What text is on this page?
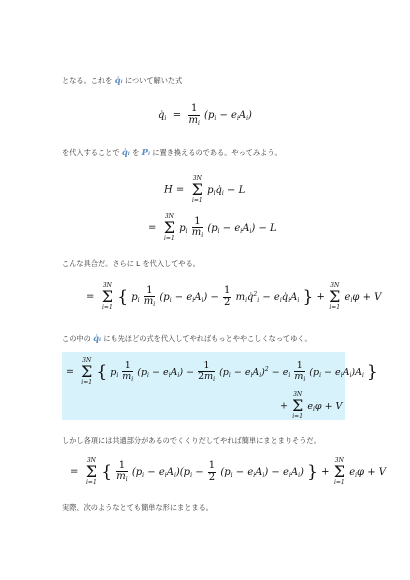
となる。これを q̇ᵢ について解いた式
$q̇_i = \frac{1}{m_i} (p_i - e_iA_i)$
を代入することで q̇ᵢ を Pᵢ に置き換えるのである。やってみよう。
H =
3N
Σ
i=1
$p_iq̇_i - L$
=
3N
Σ
i=1
$p_i \frac{1}{m_i} (p_i - e_iA_i) - L$
こんな具合だ。さらに L を代入してやる。
=
3N
Σ
i=1
{ $p_i \frac{1}{m_i} (p_i - e_iA_i) - \frac{1}{2}$ $m_iq̇^2_i$ − $e_iq̇_iA_i$ } +
3N
Σ
i=1
$e_i\varphi + V$
この中の q̇ᵢ にも先ほどの式を代入してやればもっとややこしくなってゆく。
=
3N
Σ
i=1
{ $p_i \frac{1}{m_i} (p_i - e_iA_i) - \frac{1}{2m_i} (p_i - e_iA_i)^2 - e_i \frac{1}{m_i} (p_i - e_iA_i)A_i$ }
+
3N
Σ
i=1
$e_i\varphi + V$
しかし各項には共通部分があるのでくくりだしてやれば簡単にまとまりそうだ。
=
3N
Σ
i=1
{ $\frac{1}{m_i} (p_i - e_iA_i)(p_i - \frac{1}{2} (p_i - e_iA_i) - e_iA_i)$ } +
3N
Σ
i=1
$e_i\varphi + V$
実際、次のようなとても簡単な形にまとまる。
